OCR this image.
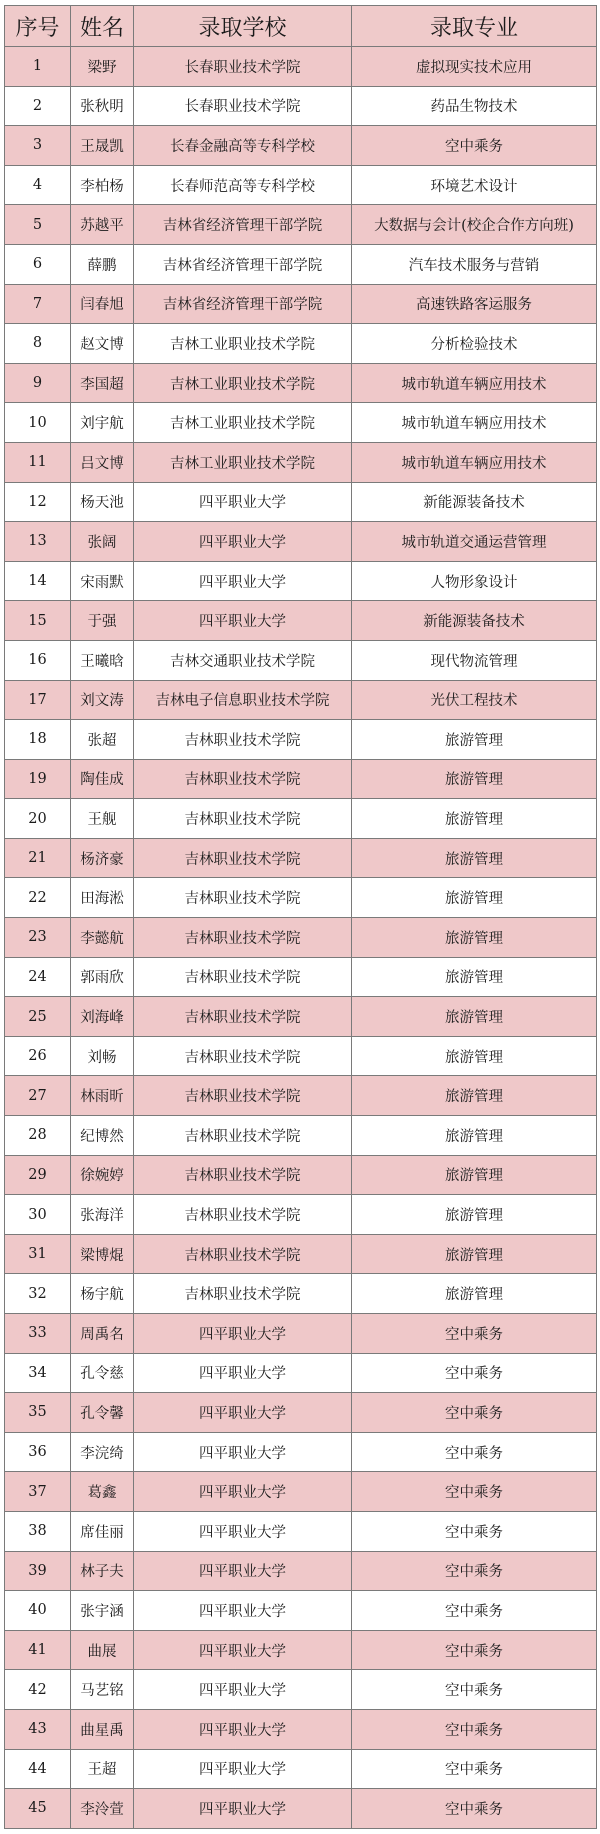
序号	姓名	录取学校	录取专业
1	梁野	长春职业技术学院	虚拟现实技术应用
2	张秋明	长春职业技术学院	药品生物技术
3	王晟凯	长春金融高等专科学校	空中乘务
4	李柏杨	长春师范高等专科学校	环境艺术设计
5	苏越平	吉林省经济管理干部学院	大数据与会计(校企合作方向班)
6	薛鹏	吉林省经济管理干部学院	汽车技术服务与营销
7	闫春旭	吉林省经济管理干部学院	高速铁路客运服务
8	赵文博	吉林工业职业技术学院	分析检验技术
9	李国超	吉林工业职业技术学院	城市轨道车辆应用技术
10	刘宇航	吉林工业职业技术学院	城市轨道车辆应用技术
11	吕文博	吉林工业职业技术学院	城市轨道车辆应用技术
12	杨天池	四平职业大学	新能源装备技术
13	张阔	四平职业大学	城市轨道交通运营管理
14	宋雨默	四平职业大学	人物形象设计
15	于强	四平职业大学	新能源装备技术
16	王曦晗	吉林交通职业技术学院	现代物流管理
17	刘文涛	吉林电子信息职业技术学院	光伏工程技术
18	张超	吉林职业技术学院	旅游管理
19	陶佳成	吉林职业技术学院	旅游管理
20	王舰	吉林职业技术学院	旅游管理
21	杨济豪	吉林职业技术学院	旅游管理
22	田海淞	吉林职业技术学院	旅游管理
23	李懿航	吉林职业技术学院	旅游管理
24	郭雨欣	吉林职业技术学院	旅游管理
25	刘海峰	吉林职业技术学院	旅游管理
26	刘畅	吉林职业技术学院	旅游管理
27	林雨昕	吉林职业技术学院	旅游管理
28	纪博然	吉林职业技术学院	旅游管理
29	徐婉婷	吉林职业技术学院	旅游管理
30	张海洋	吉林职业技术学院	旅游管理
31	梁博焜	吉林职业技术学院	旅游管理
32	杨宇航	吉林职业技术学院	旅游管理
33	周禹名	四平职业大学	空中乘务
34	孔令慈	四平职业大学	空中乘务
35	孔令馨	四平职业大学	空中乘务
36	李浣绮	四平职业大学	空中乘务
37	葛鑫	四平职业大学	空中乘务
38	席佳丽	四平职业大学	空中乘务
39	林子夫	四平职业大学	空中乘务
40	张宇涵	四平职业大学	空中乘务
41	曲展	四平职业大学	空中乘务
42	马艺铭	四平职业大学	空中乘务
43	曲星禹	四平职业大学	空中乘务
44	王超	四平职业大学	空中乘务
45	李泠萱	四平职业大学	空中乘务
